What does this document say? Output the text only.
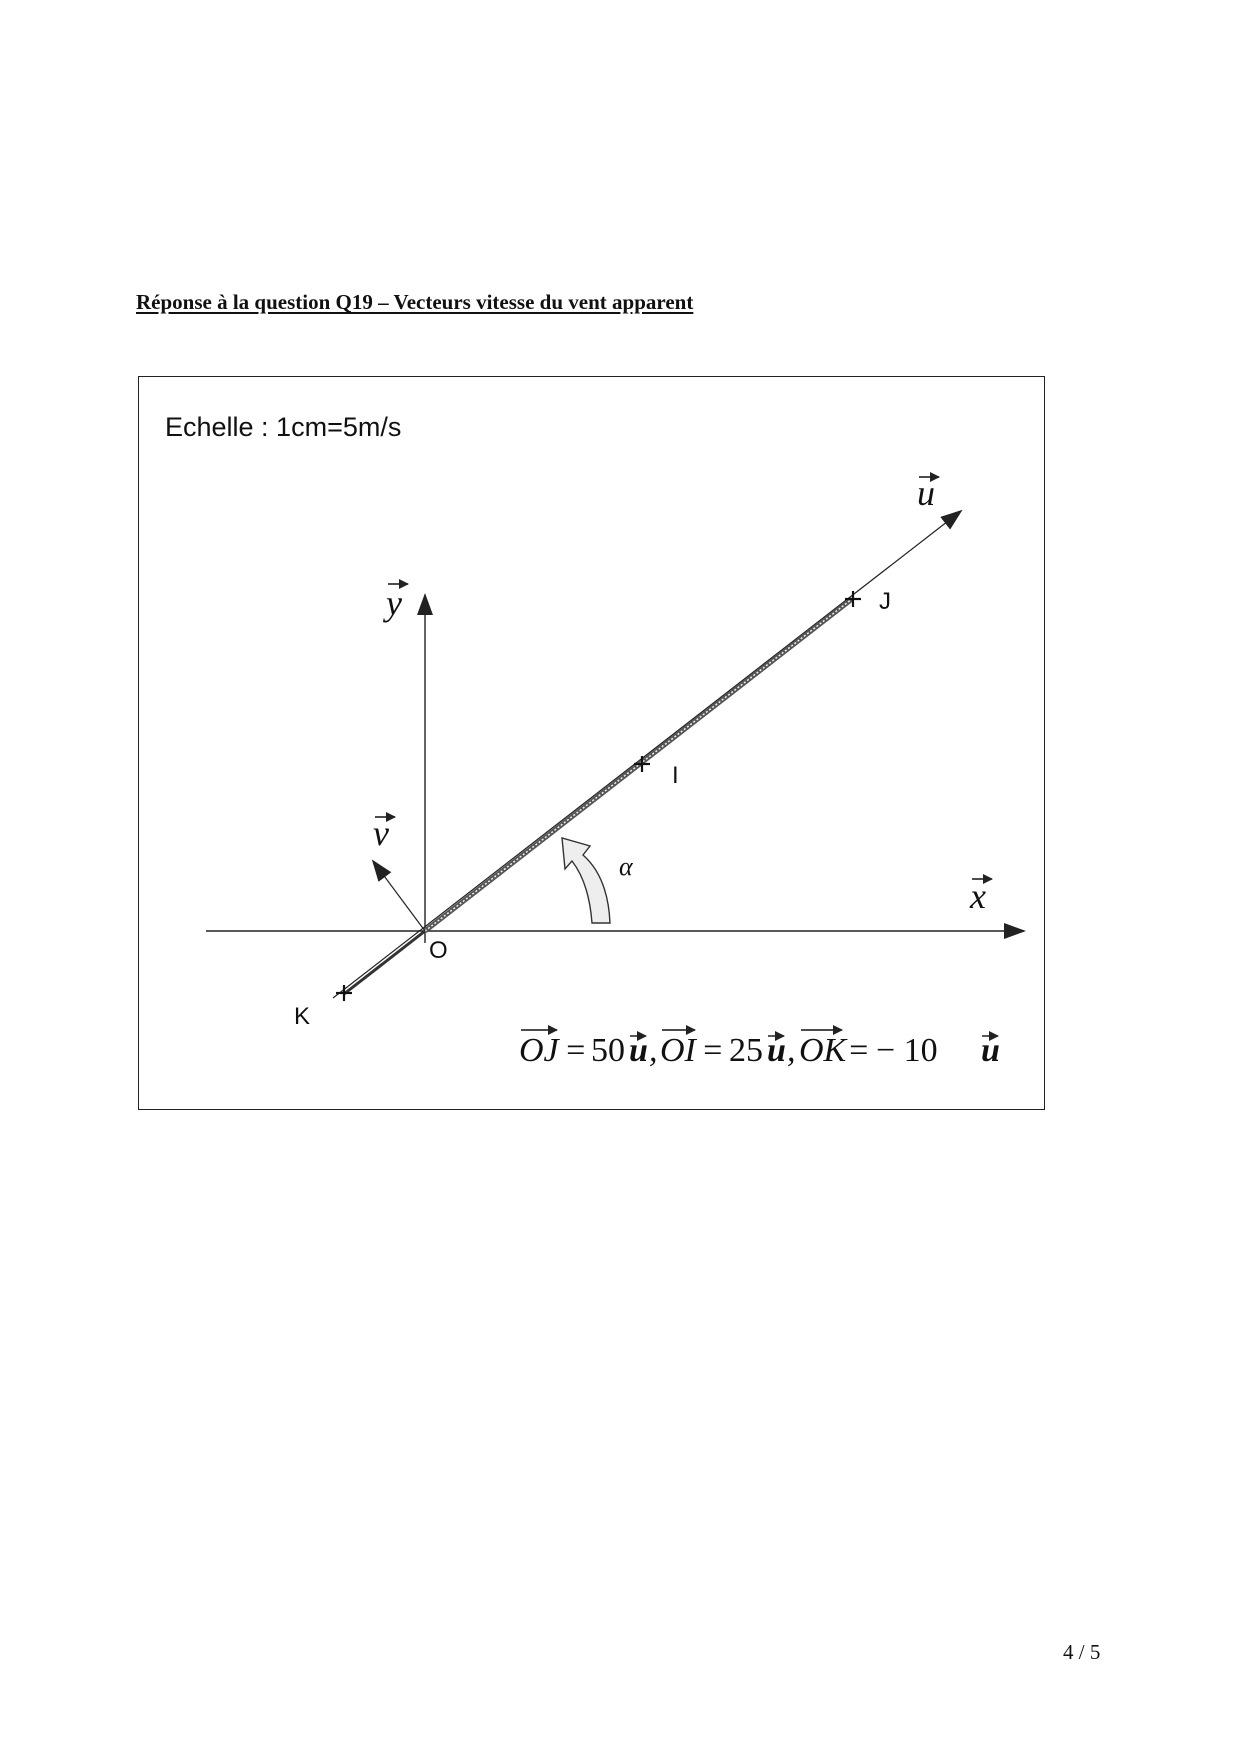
Réponse à la question Q19 – Vecteurs vitesse du vent apparent
Echelle : 1cm=5m/s
J
I
O
K
u
y
v
x
α
OJ = 50 u , OI = 25 u , OK = − 10 u
4 / 5
